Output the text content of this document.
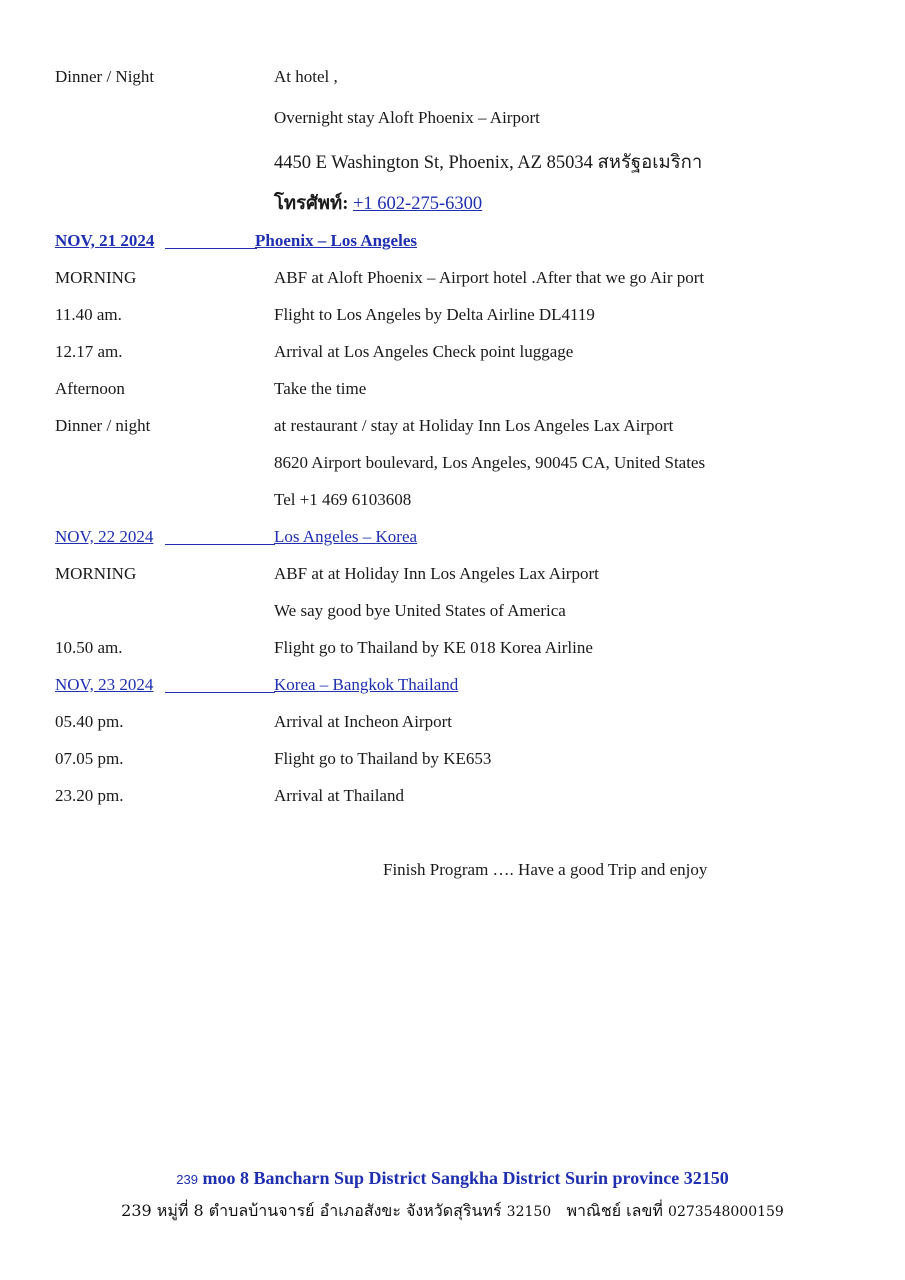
Dinner / Night	At hotel ,
Overnight stay Aloft Phoenix – Airport
4450 E Washington St, Phoenix, AZ 85034 สหรัฐอเมริกา
โทรศัพท์: +1 602-275-6300
NOV, 21 2024	Phoenix – Los Angeles
MORNING	ABF at Aloft Phoenix – Airport hotel .After that we go Air port
11.40 am.	Flight to Los Angeles by Delta Airline DL4119
12.17 am.	Arrival at Los Angeles Check point luggage
Afternoon	Take the time
Dinner / night	at restaurant / stay at Holiday Inn Los Angeles Lax Airport
8620 Airport boulevard, Los Angeles, 90045 CA, United States
Tel +1 469 6103608
NOV, 22 2024	Los Angeles – Korea
MORNING	ABF at at Holiday Inn Los Angeles Lax Airport
We say good bye United States of America
10.50 am.	Flight go to Thailand by KE 018 Korea Airline
NOV, 23 2024	Korea – Bangkok Thailand
05.40 pm.	Arrival at Incheon Airport
07.05 pm.	Flight go to Thailand by KE653
23.20 pm.	Arrival at Thailand
Finish Program …. Have a good Trip and enjoy
239 moo 8 Bancharn Sup District Sangkha District Surin province 32150
239 หมู่ที่ 8 ตำบลบ้านจารย์ อำเภอสังขะ จังหวัดสุรินทร์ 32150 พาณิชย์ เลขที่ 0273548000159
